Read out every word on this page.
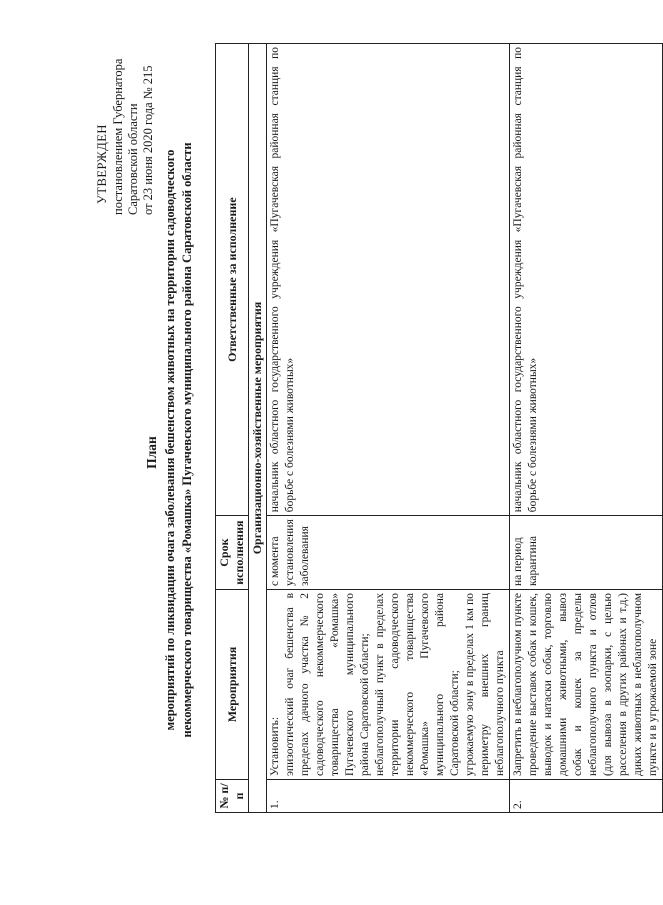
УТВЕРЖДЕН постановлением Губернатора Саратовской области от 23 июня 2020 года № 215
План мероприятий по ликвидации очага заболевания бешенством животных на территории садоводческого некоммерческого товарищества «Ромашка» Пугачевского муниципального района Саратовской области
№ п/ п	Мероприятия	Срок исполнения	Ответственные за исполнение
Организационно-хозяйственные мероприятия			
1.	Установить: эпизоотический очаг бешенства в пределах дачного участка № 2 садоводческого некоммерческого товарищества «Ромашка» Пугачевского муниципального района Саратовской области; неблагополучный пункт в пределах территории садоводческого некоммерческого товарищества «Ромашка» Пугачевского муниципального района Саратовской области; угрожаемую зону в пределах 1 км по периметру внешних границ неблагополучного пункта	с момента установления заболевания	начальник областного государственного учреждения «Пугачевская районная станция по борьбе с болезнями животных»
2.	Запретить в неблагополучном пункте проведение выставок собак и кошек, выводок и натаски собак, торговлю домашними животными, вывоз собак и кошек за пределы неблагополучного пункта и отлов (для вывоза в зоопарки, с целью расселения в других районах и т.д.) диких животных в неблагополучном пункте и в угрожаемой зоне	на период карантина	начальник областного государственного учреждения «Пугачевская районная станция по борьбе с болезнями животных»
